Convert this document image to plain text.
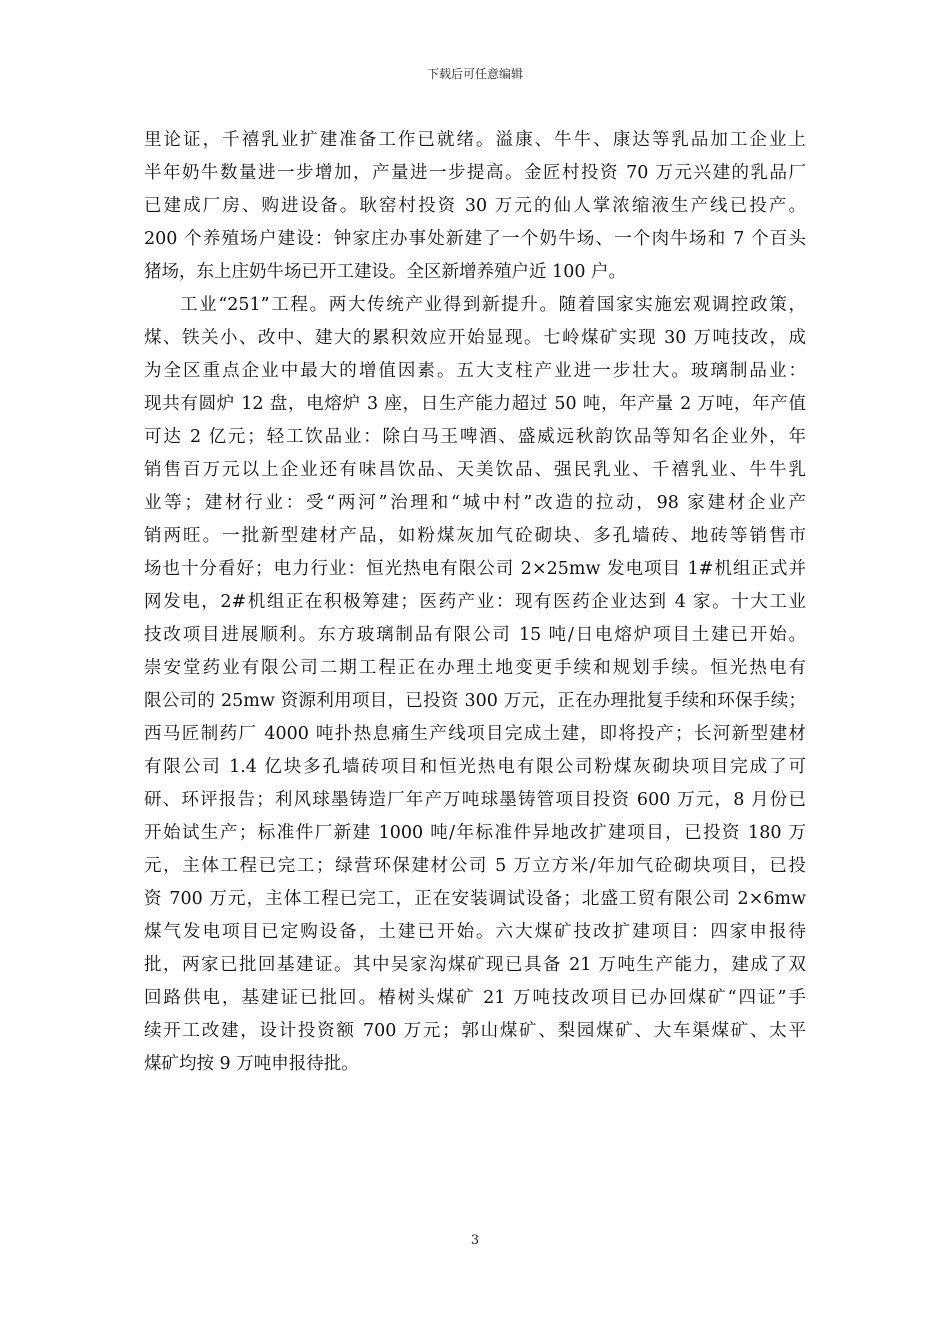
下载后可任意编辑
里论证，千禧乳业扩建准备工作已就绪。溢康、牛牛、康达等乳品加工企业上
半年奶牛数量进一步增加，产量进一步提高。金匠村投资 70 万元兴建的乳品厂
已建成厂房、购进设备。耿窑村投资 30 万元的仙人掌浓缩液生产线已投产。
200 个养殖场户建设：钟家庄办事处新建了一个奶牛场、一个肉牛场和 7 个百头
猪场，东上庄奶牛场已开工建设。全区新增养殖户近 100 户。
工业“251”工程。两大传统产业得到新提升。随着国家实施宏观调控政策，
煤、铁关小、改中、建大的累积效应开始显现。七岭煤矿实现 30 万吨技改，成
为全区重点企业中最大的增值因素。五大支柱产业进一步壮大。玻璃制品业：
现共有圆炉 12 盘，电熔炉 3 座，日生产能力超过 50 吨，年产量 2 万吨，年产值
可达 2 亿元；轻工饮品业：除白马王啤酒、盛威远秋韵饮品等知名企业外，年
销售百万元以上企业还有味昌饮品、天美饮品、强民乳业、千禧乳业、牛牛乳
业等；建材行业：受“两河”治理和“城中村”改造的拉动，98 家建材企业产
销两旺。一批新型建材产品，如粉煤灰加气砼砌块、多孔墙砖、地砖等销售市
场也十分看好；电力行业：恒光热电有限公司 2×25mw 发电项目 1#机组正式并
网发电，2#机组正在积极筹建；医药产业：现有医药企业达到 4 家。十大工业
技改项目进展顺利。东方玻璃制品有限公司 15 吨/日电熔炉项目土建已开始。
崇安堂药业有限公司二期工程正在办理土地变更手续和规划手续。恒光热电有
限公司的 25mw 资源利用项目，已投资 300 万元，正在办理批复手续和环保手续；
西马匠制药厂 4000 吨扑热息痛生产线项目完成土建，即将投产；长河新型建材
有限公司 1.4 亿块多孔墙砖项目和恒光热电有限公司粉煤灰砌块项目完成了可
研、环评报告；利风球墨铸造厂年产万吨球墨铸管项目投资 600 万元，8 月份已
开始试生产；标准件厂新建 1000 吨/年标准件异地改扩建项目，已投资 180 万
元，主体工程已完工；绿营环保建材公司 5 万立方米/年加气砼砌块项目，已投
资 700 万元，主体工程已完工，正在安装调试设备；北盛工贸有限公司 2×6mw
煤气发电项目已定购设备，土建已开始。六大煤矿技改扩建项目：四家申报待
批，两家已批回基建证。其中吴家沟煤矿现已具备 21 万吨生产能力，建成了双
回路供电，基建证已批回。椿树头煤矿 21 万吨技改项目已办回煤矿“四证”手
续开工改建，设计投资额 700 万元；郭山煤矿、梨园煤矿、大车渠煤矿、太平
煤矿均按 9 万吨申报待批。
3
